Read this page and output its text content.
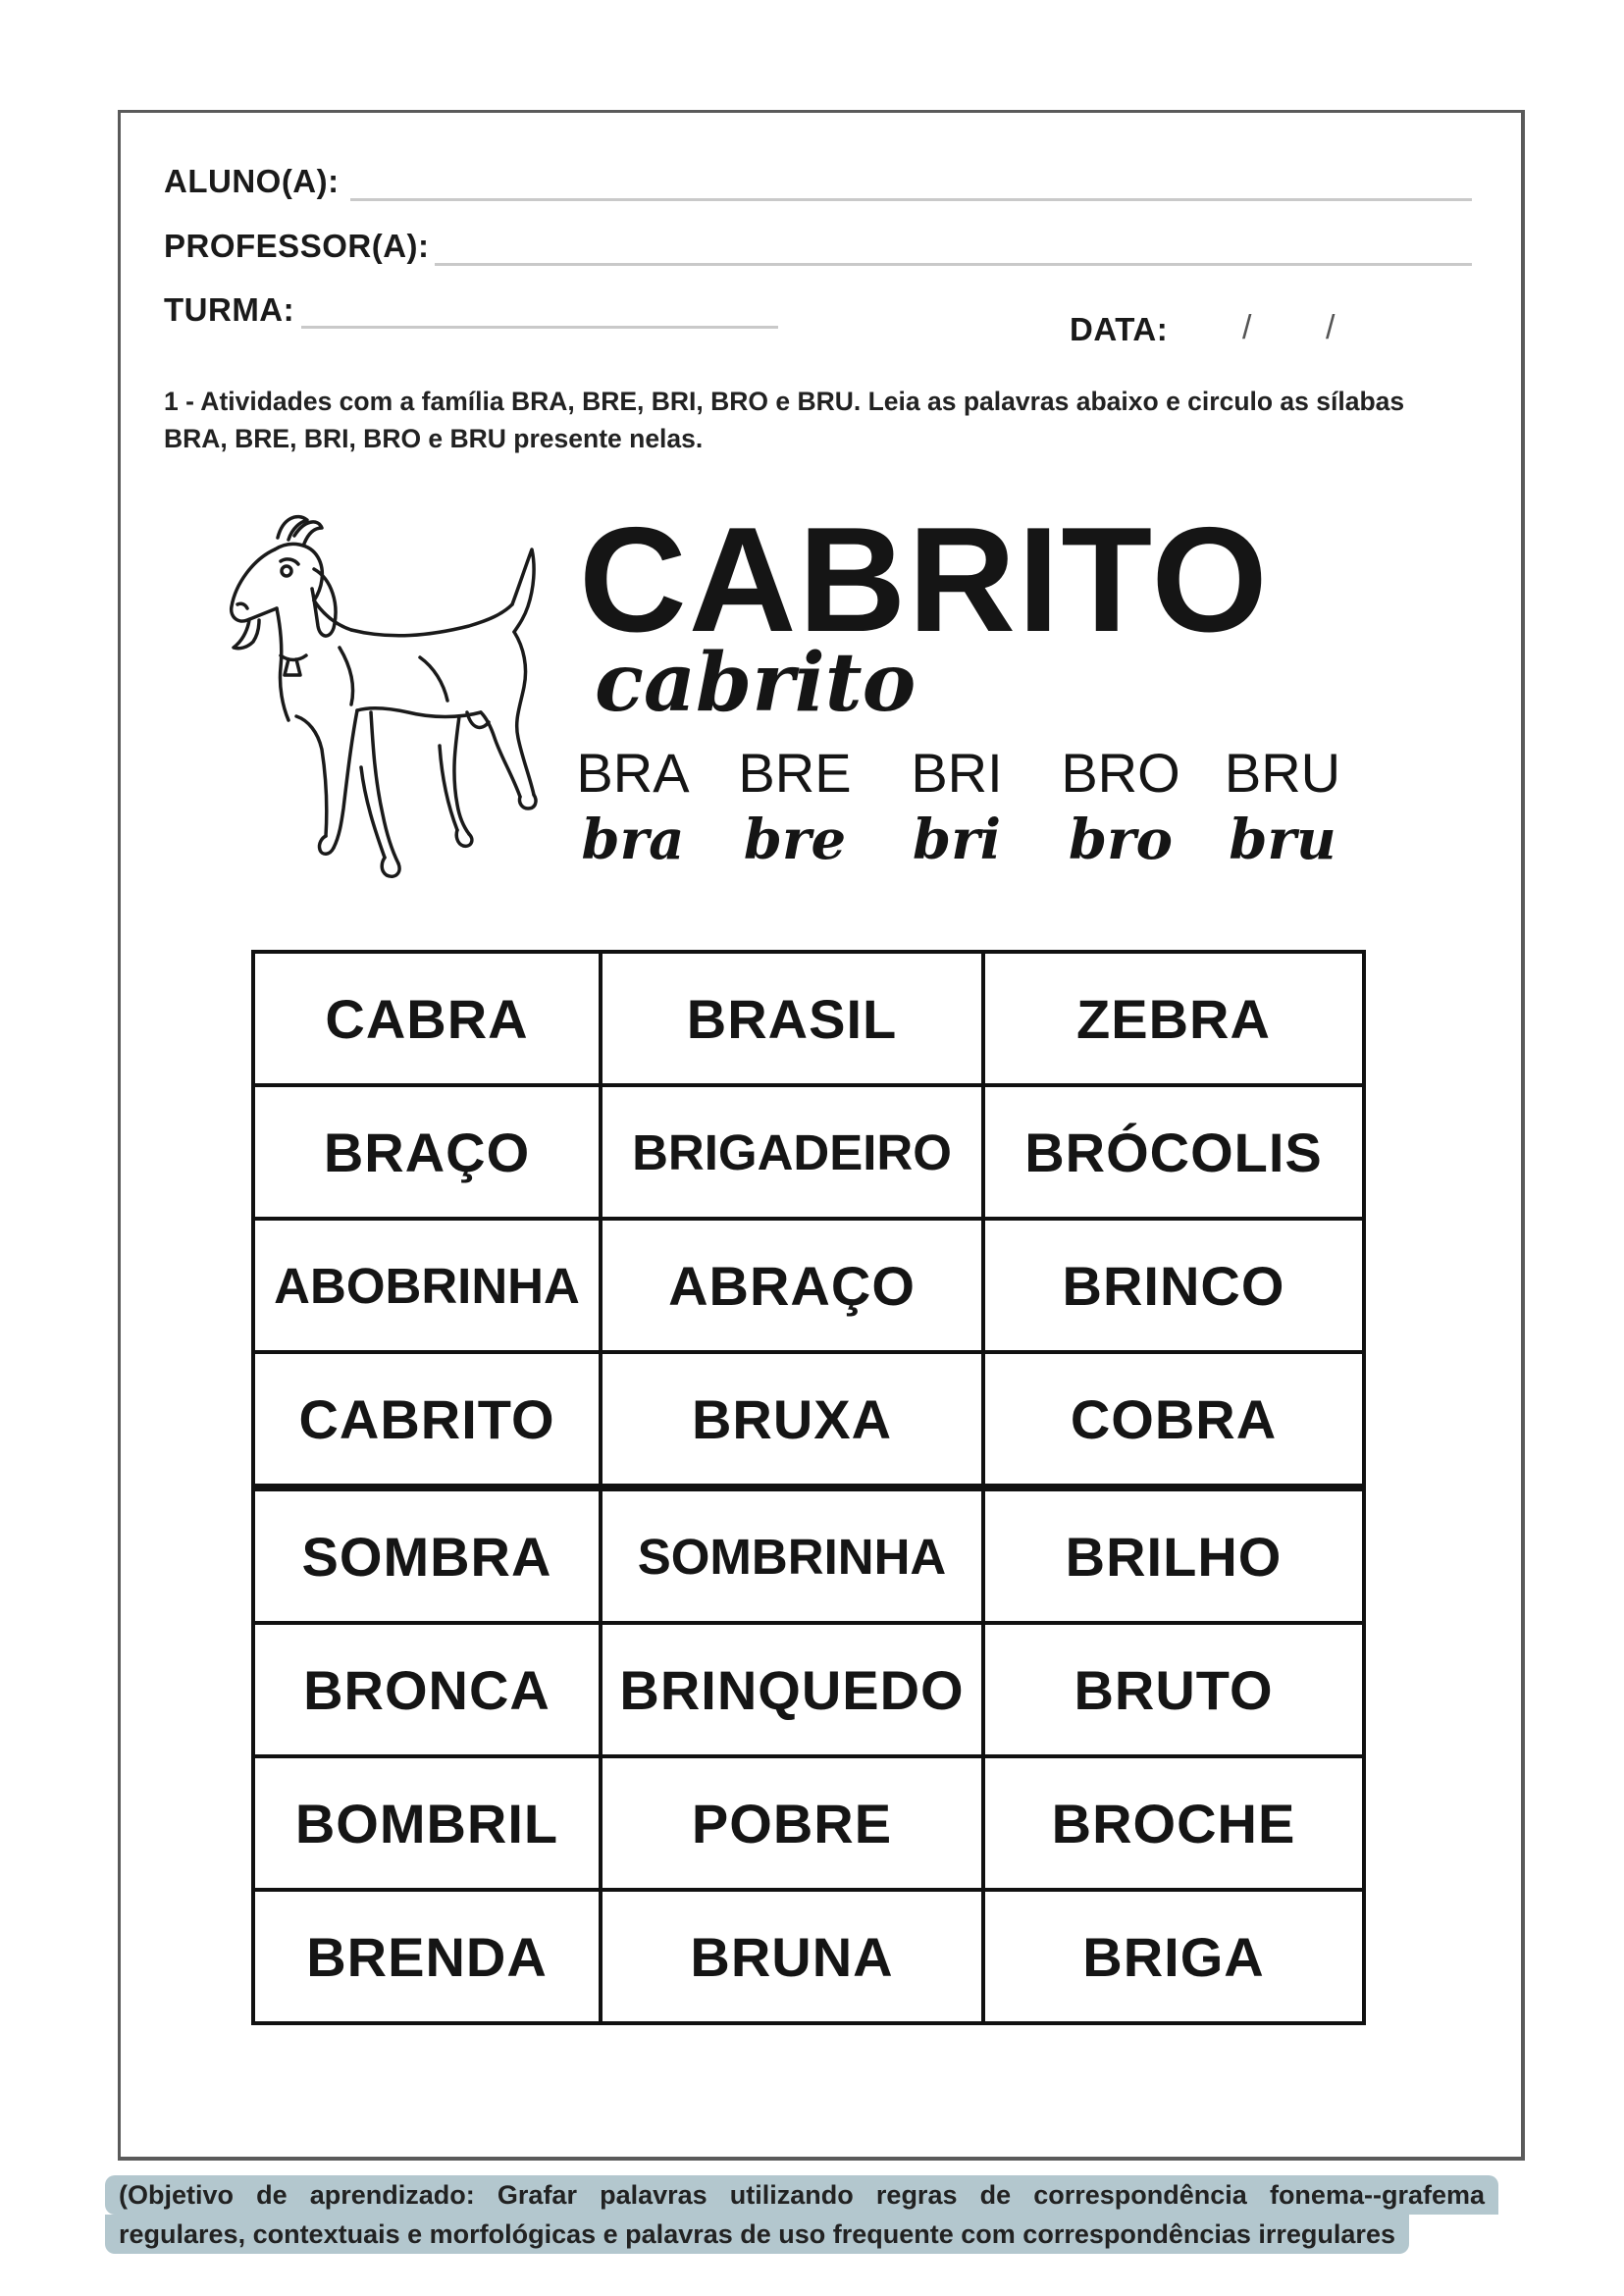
ALUNO(A):
PROFESSOR(A):
TURMA:
DATA: / /
1 - Atividades com a família BRA, BRE, BRI, BRO e BRU. Leia as palavras abaixo e circulo as sílabas BRA, BRE, BRI, BRO e BRU presente nelas.
CABRITO
cabrito
BRA
bra
BRE
bre
BRI
bri
BRO
bro
BRU
bru
CABRA	BRASIL	ZEBRA
BRAÇO	BRIGADEIRO	BRÓCOLIS
ABOBRINHA	ABRAÇO	BRINCO
CABRITO	BRUXA	COBRA
SOMBRA	SOMBRINHA	BRILHO
BRONCA	BRINQUEDO	BRUTO
BOMBRIL	POBRE	BROCHE
BRENDA	BRUNA	BRIGA
(Objetivo de aprendizado: Grafar palavras utilizando regras de correspondência fonema--grafema
regulares, contextuais e morfológicas e palavras de uso frequente com correspondências irregulares
